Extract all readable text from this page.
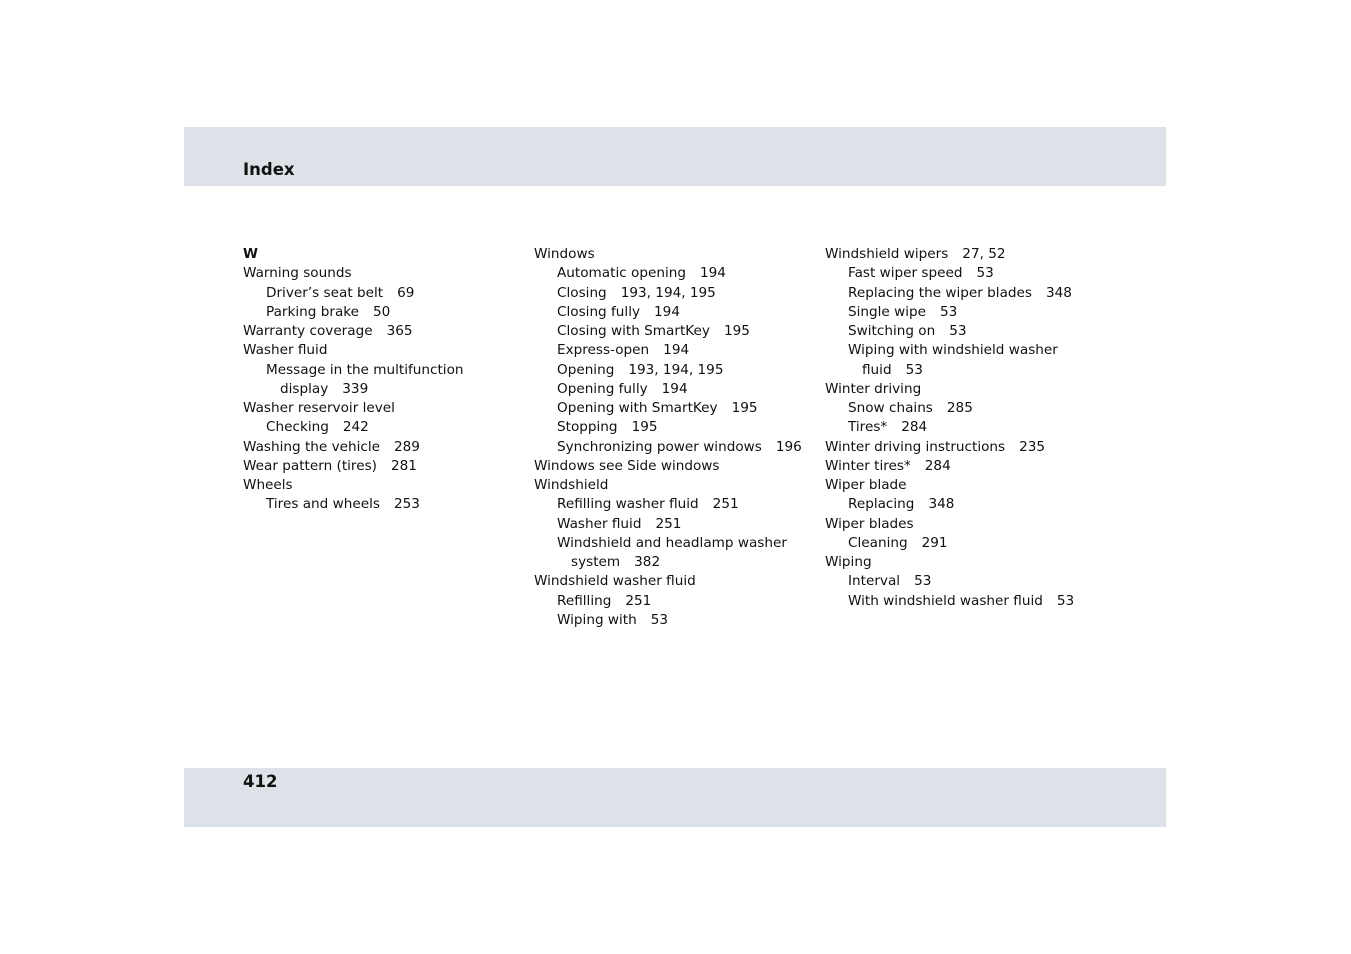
Index
W
Warning sounds
Driver’s seat belt 69
Parking brake 50
Warranty coverage 365
Washer fluid
Message in the multifunction
display 339
Washer reservoir level
Checking 242
Washing the vehicle 289
Wear pattern (tires) 281
Wheels
Tires and wheels 253
Windows
Automatic opening 194
Closing 193, 194, 195
Closing fully 194
Closing with SmartKey 195
Express-open 194
Opening 193, 194, 195
Opening fully 194
Opening with SmartKey 195
Stopping 195
Synchronizing power windows 196
Windows see Side windows
Windshield
Refilling washer fluid 251
Washer fluid 251
Windshield and headlamp washer
system 382
Windshield washer fluid
Refilling 251
Wiping with 53
Windshield wipers 27, 52
Fast wiper speed 53
Replacing the wiper blades 348
Single wipe 53
Switching on 53
Wiping with windshield washer
fluid 53
Winter driving
Snow chains 285
Tires* 284
Winter driving instructions 235
Winter tires* 284
Wiper blade
Replacing 348
Wiper blades
Cleaning 291
Wiping
Interval 53
With windshield washer fluid 53
412
